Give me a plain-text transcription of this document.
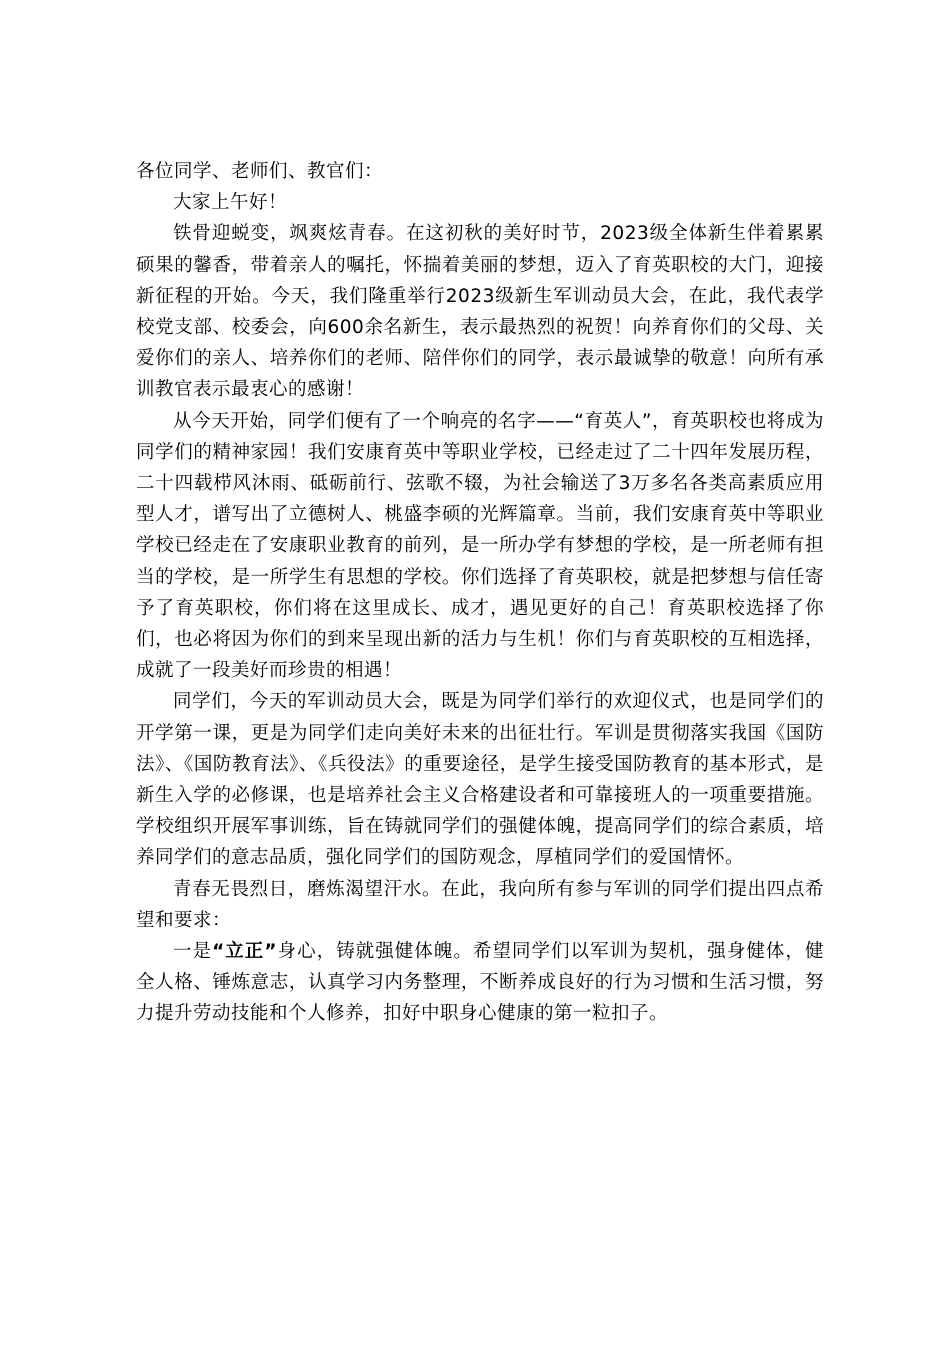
各位同学、老师们、教官们：

大家上午好！

铁骨迎蜕变，飒爽炫青春。在这初秋的美好时节，2023级全体新生伴着累累硕果的馨香，带着亲人的嘱托，怀揣着美丽的梦想，迈入了育英职校的大门，迎接新征程的开始。今天，我们隆重举行2023级新生军训动员大会，在此，我代表学校党支部、校委会，向600余名新生，表示最热烈的祝贺！向养育你们的父母、关爱你们的亲人、培养你们的老师、陪伴你们的同学，表示最诚挚的敬意！向所有承训教官表示最衷心的感谢！

从今天开始，同学们便有了一个响亮的名字——“育英人”，育英职校也将成为同学们的精神家园！我们安康育英中等职业学校，已经走过了二十四年发展历程，二十四载栉风沐雨、砥砺前行、弦歌不辍，为社会输送了3万多名各类高素质应用型人才，谱写出了立德树人、桃盛李硕的光辉篇章。当前，我们安康育英中等职业学校已经走在了安康职业教育的前列，是一所办学有梦想的学校，是一所老师有担当的学校，是一所学生有思想的学校。你们选择了育英职校，就是把梦想与信任寄予了育英职校，你们将在这里成长、成才，遇见更好的自己！育英职校选择了你们，也必将因为你们的到来呈现出新的活力与生机！你们与育英职校的互相选择，成就了一段美好而珍贵的相遇！

同学们，今天的军训动员大会，既是为同学们举行的欢迎仪式，也是同学们的开学第一课，更是为同学们走向美好未来的出征壮行。军训是贯彻落实我国《国防法》、《国防教育法》、《兵役法》的重要途径，是学生接受国防教育的基本形式，是新生入学的必修课，也是培养社会主义合格建设者和可靠接班人的一项重要措施。学校组织开展军事训练，旨在铸就同学们的强健体魄，提高同学们的综合素质，培养同学们的意志品质，强化同学们的国防观念，厚植同学们的爱国情怀。

青春无畏烈日，磨炼渴望汗水。在此，我向所有参与军训的同学们提出四点希望和要求：

一是“立正”身心，铸就强健体魄。希望同学们以军训为契机，强身健体，健全人格、锤炼意志，认真学习内务整理，不断养成良好的行为习惯和生活习惯，努力提升劳动技能和个人修养，扣好中职身心健康的第一粒扣子。
